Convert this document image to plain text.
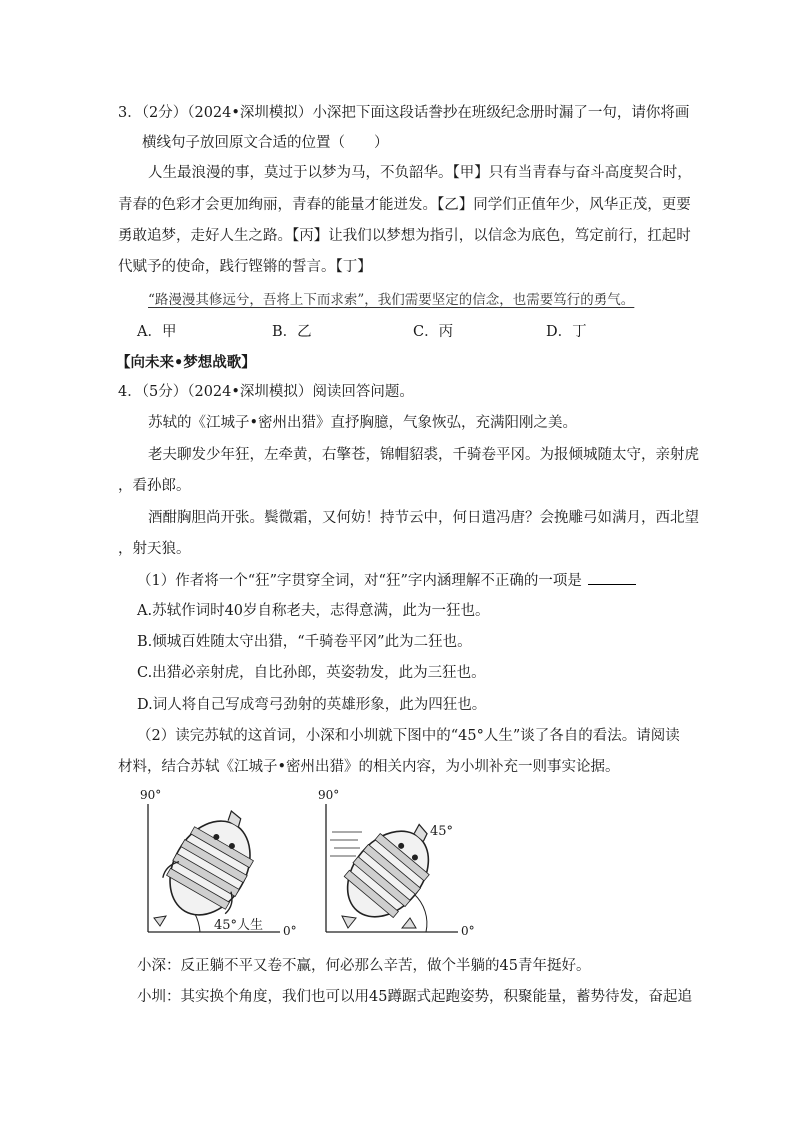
3．（2分）（2024•深圳模拟）小深把下面这段话誊抄在班级纪念册时漏了一句，请你将画
横线句子放回原文合适的位置（　　）
人生最浪漫的事，莫过于以梦为马，不负韶华。【甲】只有当青春与奋斗高度契合时，
青春的色彩才会更加绚丽，青春的能量才能迸发。【乙】同学们正值年少，风华正茂，更要
勇敢追梦，走好人生之路。【丙】让我们以梦想为指引，以信念为底色，笃定前行，扛起时
代赋予的使命，践行铿锵的誓言。【丁】
“路漫漫其修远兮，吾将上下而求索”，我们需要坚定的信念，也需要笃行的勇气。
A．甲	B．乙	C．丙	D．丁
【向未来•梦想战歌】
4．（5分）（2024•深圳模拟）阅读回答问题。
苏轼的《江城子•密州出猎》直抒胸臆，气象恢弘，充满阳刚之美。
老夫聊发少年狂，左牵黄，右擎苍，锦帽貂裘，千骑卷平冈。为报倾城随太守，亲射虎
，看孙郎。
酒酣胸胆尚开张。鬓微霜，又何妨！持节云中，何日遣冯唐？会挽雕弓如满月，西北望
，射天狼。
（1）作者将一个“狂”字贯穿全词，对“狂”字内涵理解不正确的一项是
A.苏轼作词时40岁自称老夫，志得意满，此为一狂也。
B.倾城百姓随太守出猎，“千骑卷平冈”此为二狂也。
C.出猎必亲射虎，自比孙郎，英姿勃发，此为三狂也。
D.词人将自己写成弯弓劲射的英雄形象，此为四狂也。
（2）读完苏轼的这首词，小深和小圳就下图中的“45°人生”谈了各自的看法。请阅读
材料，结合苏轼《江城子•密州出猎》的相关内容，为小圳补充一则事实论据。
90°
0°
45°人生
90°
0°
45°
小深：反正躺不平又卷不赢，何必那么辛苦，做个半躺的45青年挺好。
小圳：其实换个角度，我们也可以用45蹲踞式起跑姿势，积聚能量，蓄势待发，奋起追
